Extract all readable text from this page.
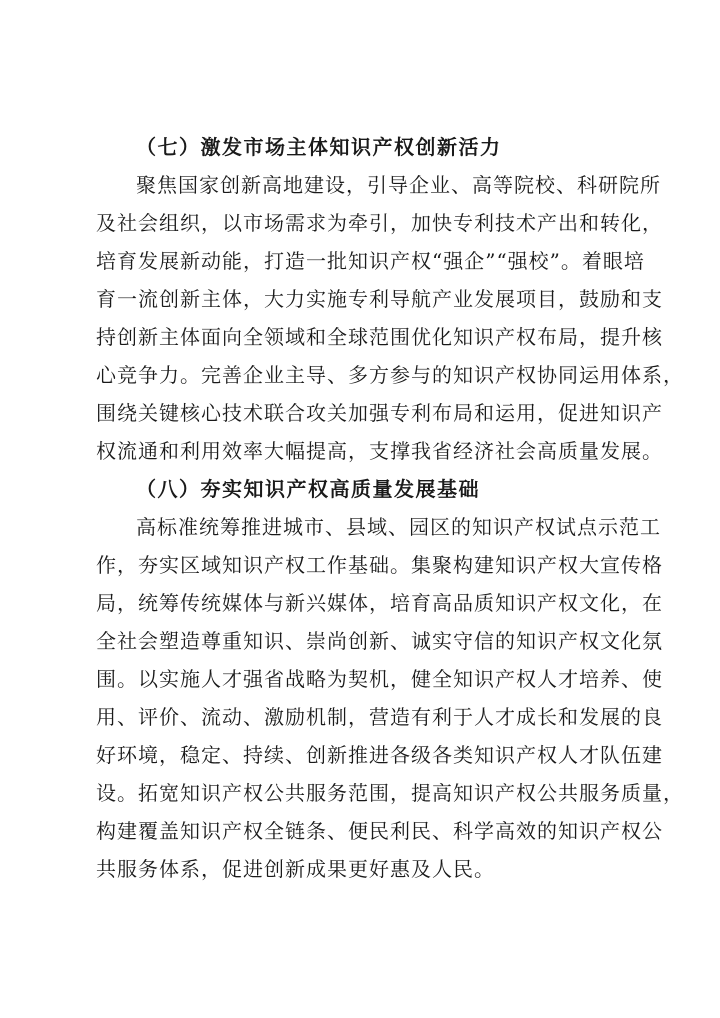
（七）激发市场主体知识产权创新活力
聚焦国家创新高地建设，引导企业、高等院校、科研院所
及社会组织，以市场需求为牵引，加快专利技术产出和转化，
培育发展新动能，打造一批知识产权“强企”“强校”。着眼培
育一流创新主体，大力实施专利导航产业发展项目，鼓励和支
持创新主体面向全领域和全球范围优化知识产权布局，提升核
心竞争力。完善企业主导、多方参与的知识产权协同运用体系，
围绕关键核心技术联合攻关加强专利布局和运用，促进知识产
权流通和利用效率大幅提高，支撑我省经济社会高质量发展。
（八）夯实知识产权高质量发展基础
高标准统筹推进城市、县域、园区的知识产权试点示范工
作，夯实区域知识产权工作基础。集聚构建知识产权大宣传格
局，统筹传统媒体与新兴媒体，培育高品质知识产权文化，在
全社会塑造尊重知识、崇尚创新、诚实守信的知识产权文化氛
围。以实施人才强省战略为契机，健全知识产权人才培养、使
用、评价、流动、激励机制，营造有利于人才成长和发展的良
好环境，稳定、持续、创新推进各级各类知识产权人才队伍建
设。拓宽知识产权公共服务范围，提高知识产权公共服务质量，
构建覆盖知识产权全链条、便民利民、科学高效的知识产权公
共服务体系，促进创新成果更好惠及人民。
